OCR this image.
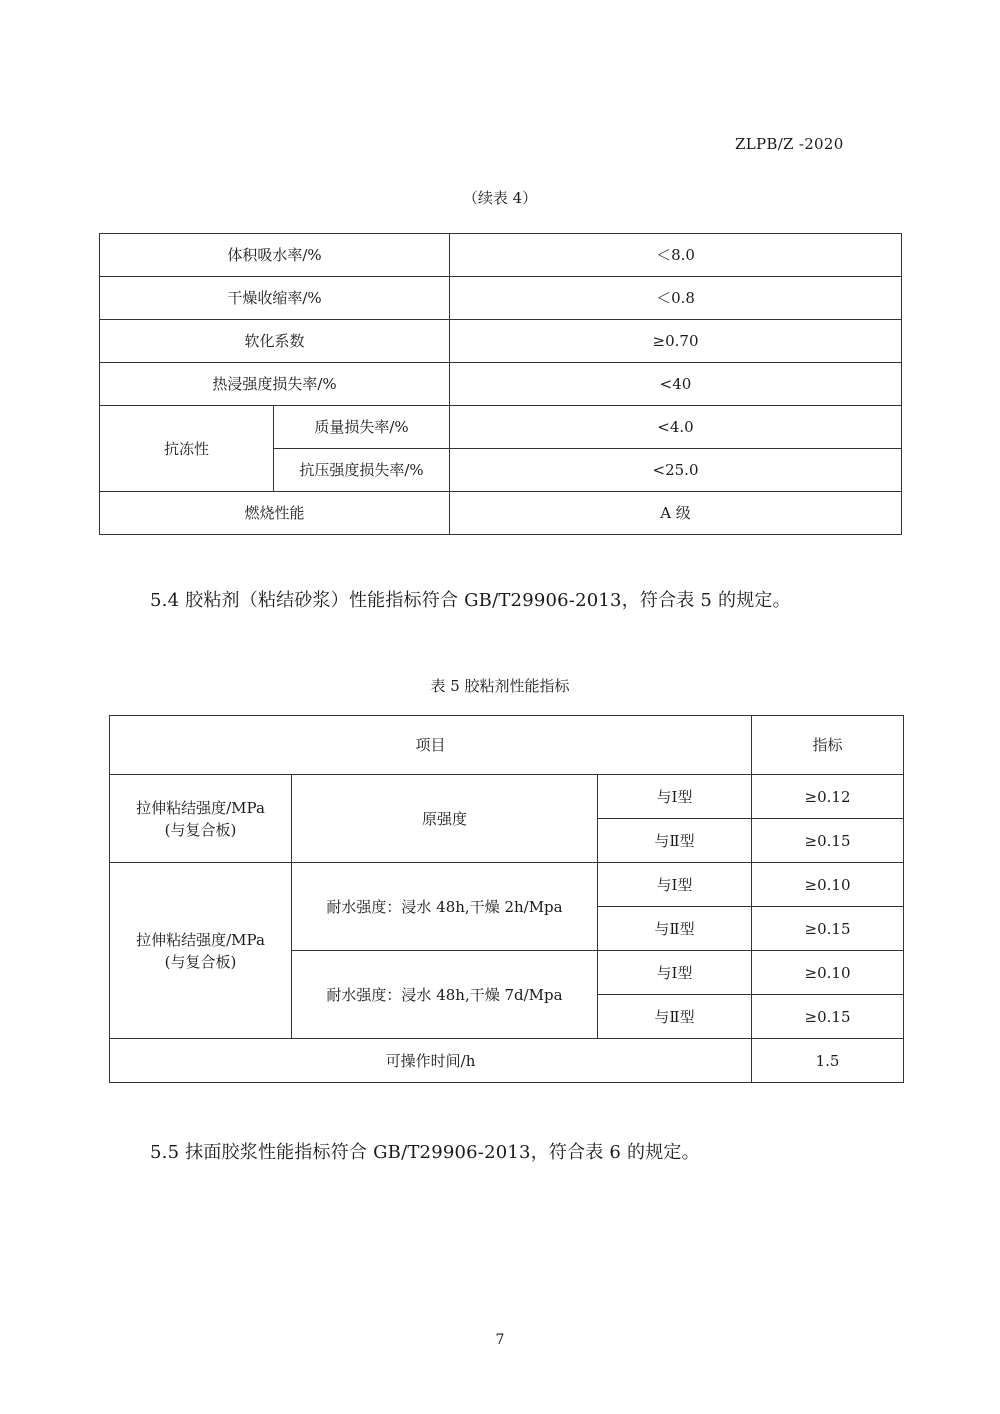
ZLPB/Z -2020
（续表 4）
体积吸水率/%		＜8.0
干燥收缩率/%		＜0.8
软化系数		≥0.70
热浸强度损失率/%		<40
抗冻性	质量损失率/%	<4.0
	抗压强度损失率/%	<25.0
燃烧性能		A 级
5.4 胶粘剂（粘结砂浆）性能指标符合 GB/T29906-2013，符合表 5 的规定。
表 5 胶粘剂性能指标
项目			指标
拉伸粘结强度/MPa
(与复合板)	原强度	与Ⅰ型	≥0.12
		与Ⅱ型	≥0.15
拉伸粘结强度/MPa
(与复合板)	耐水强度：浸水 48h,干燥 2h/Mpa	与Ⅰ型	≥0.10
		与Ⅱ型	≥0.15
	耐水强度：浸水 48h,干燥 7d/Mpa	与Ⅰ型	≥0.10
		与Ⅱ型	≥0.15
可操作时间/h			1.5
5.5 抹面胶浆性能指标符合 GB/T29906-2013，符合表 6 的规定。
7
